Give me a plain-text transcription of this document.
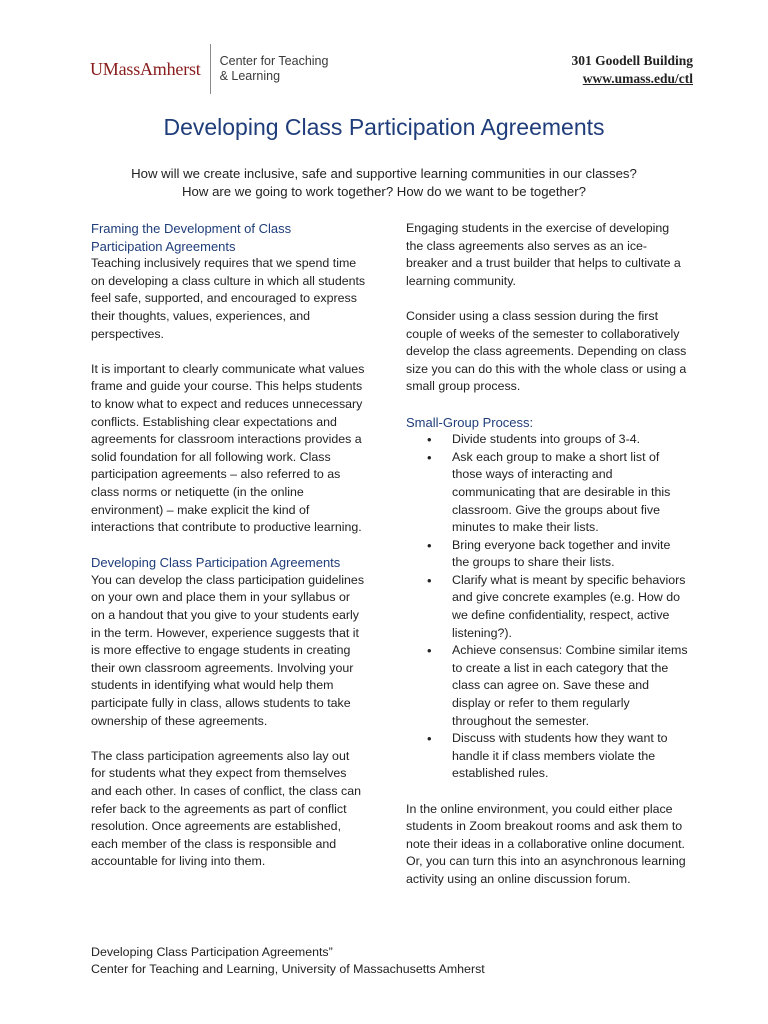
UMassAmherst	Center for Teaching
& Learning
301 Goodell Building
www.umass.edu/ctl
Developing Class Participation Agreements
How will we create inclusive, safe and supportive learning communities in our classes?
How are we going to work together? How do we want to be together?

Framing the Development of Class Participation Agreements

Teaching inclusively requires that we spend time on developing a class culture in which all students feel safe, supported, and encouraged to express their thoughts, values, experiences, and perspectives.

It is important to clearly communicate what values frame and guide your course. This helps students to know what to expect and reduces unnecessary conflicts. Establishing clear expectations and agreements for classroom interactions provides a solid foundation for all following work. Class participation agreements – also referred to as class norms or netiquette (in the online environment) – make explicit the kind of interactions that contribute to productive learning.

Developing Class Participation Agreements

You can develop the class participation guidelines on your own and place them in your syllabus or on a handout that you give to your students early in the term. However, experience suggests that it is more effective to engage students in creating their own classroom agreements. Involving your students in identifying what would help them participate fully in class, allows students to take ownership of these agreements.

The class participation agreements also lay out for students what they expect from themselves and each other. In cases of conflict, the class can refer back to the agreements as part of conflict resolution. Once agreements are established, each member of the class is responsible and accountable for living into them.

Engaging students in the exercise of developing the class agreements also serves as an ice-breaker and a trust builder that helps to cultivate a learning community.

Consider using a class session during the first couple of weeks of the semester to collaboratively develop the class agreements. Depending on class size you can do this with the whole class or using a small group process.

Small-Group Process:

• Divide students into groups of 3-4.
• Ask each group to make a short list of those ways of interacting and communicating that are desirable in this classroom. Give the groups about five minutes to make their lists.
• Bring everyone back together and invite the groups to share their lists.
• Clarify what is meant by specific behaviors and give concrete examples (e.g. How do we define confidentiality, respect, active listening?).
• Achieve consensus: Combine similar items to create a list in each category that the class can agree on. Save these and display or refer to them regularly throughout the semester.
• Discuss with students how they want to handle it if class members violate the established rules.

In the online environment, you could either place students in Zoom breakout rooms and ask them to note their ideas in a collaborative online document. Or, you can turn this into an asynchronous learning activity using an online discussion forum.

Developing Class Participation Agreements”
Center for Teaching and Learning, University of Massachusetts Amherst
